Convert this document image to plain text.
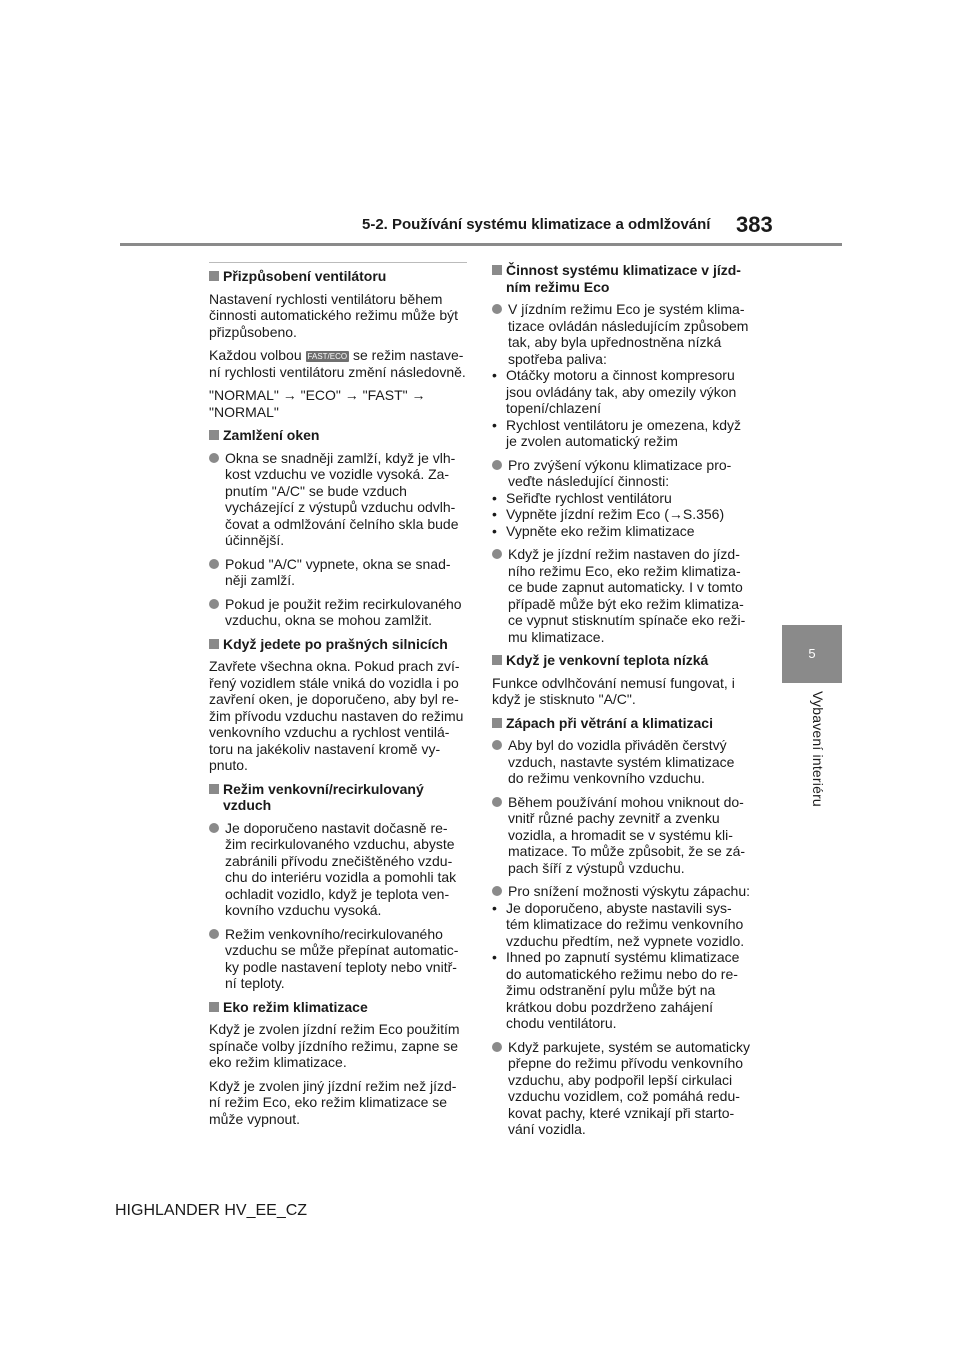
5-2. Používání systému klimatizace a odmlžování 383
5
Vybavení interiéru
Přizpůsobení ventilátoru

Nastavení rychlosti ventilátoru během činnosti automatického režimu může být přizpůsobeno.

Každou volbou FAST/ECO se režim nastave-ní rychlosti ventilátoru změní následovně.

"NORMAL" → "ECO" → "FAST" → "NORMAL"

Zamlžení oken
Okna se snadněji zamlží, když je vlh-kost vzduchu ve vozidle vysoká. Za-pnutím "A/C" se bude vzduch vycházející z výstupů vzduchu odvlh-čovat a odmlžování čelního skla bude účinnější.
Pokud "A/C" vypnete, okna se snad-něji zamlží.
Pokud je použit režim recirkulovaného vzduchu, okna se mohou zamlžit.
Když jedete po prašných silnicích

Zavřete všechna okna. Pokud prach zví-řený vozidlem stále vniká do vozidla i po zavření oken, je doporučeno, aby byl re-žim přívodu vzduchu nastaven do režimu venkovního vzduchu a rychlost ventilá-toru na jakékoliv nastavení kromě vy-pnuto.

Režim venkovní/recirkulovaný vzduch
Je doporučeno nastavit dočasně re-žim recirkulovaného vzduchu, abyste zabránili přívodu znečištěného vzdu-chu do interiéru vozidla a pomohli tak ochladit vozidlo, když je teplota ven-kovního vzduchu vysoká.
Režim venkovního/recirkulovaného vzduchu se může přepínat automatic-ky podle nastavení teploty nebo vnitř-ní teploty.
Eko režim klimatizace

Když je zvolen jízdní režim Eco použitím spínače volby jízdního režimu, zapne se eko režim klimatizace.

Když je zvolen jiný jízdní režim než jízd-ní režim Eco, eko režim klimatizace se může vypnout.

Činnost systému klimatizace v jízd-ním režimu Eco
V jízdním režimu Eco je systém klima-tizace ovládán následujícím způsobem tak, aby byla upřednostněna nízká spotřeba paliva:
• Otáčky motoru a činnost kompresoru jsou ovládány tak, aby omezily výkon topení/chlazení
• Rychlost ventilátoru je omezena, když je zvolen automatický režim
Pro zvýšení výkonu klimatizace pro-veďte následující činnosti:
• Seřiďte rychlost ventilátoru
• Vypněte jízdní režim Eco (→S.356)
• Vypněte eko režim klimatizace
Když je jízdní režim nastaven do jízd-ního režimu Eco, eko režim klimatiza-ce bude zapnut automaticky. I v tomto případě může být eko režim klimatiza-ce vypnut stisknutím spínače eko reži-mu klimatizace.
Když je venkovní teplota nízká

Funkce odvlhčování nemusí fungovat, i když je stisknuto "A/C".

Zápach při větrání a klimatizaci
Aby byl do vozidla přiváděn čerstvý vzduch, nastavte systém klimatizace do režimu venkovního vzduchu.
Během používání mohou vniknout do-vnitř různé pachy zevnitř a zvenku vozidla, a hromadit se v systému kli-matizace. To může způsobit, že se zá-pach šíří z výstupů vzduchu.
Pro snížení možnosti výskytu zápachu:
• Je doporučeno, abyste nastavili sys-tém klimatizace do režimu venkovního vzduchu předtím, než vypnete vozidlo.
• Ihned po zapnutí systému klimatizace do automatického režimu nebo do re-žimu odstranění pylu může být na krátkou dobu pozdrženo zahájení chodu ventilátoru.
Když parkujete, systém se automaticky přepne do režimu přívodu venkovního vzduchu, aby podpořil lepší cirkulaci vzduchu vozidlem, což pomáhá redu-kovat pachy, které vznikají při starto-vání vozidla.
HIGHLANDER HV_EE_CZ
